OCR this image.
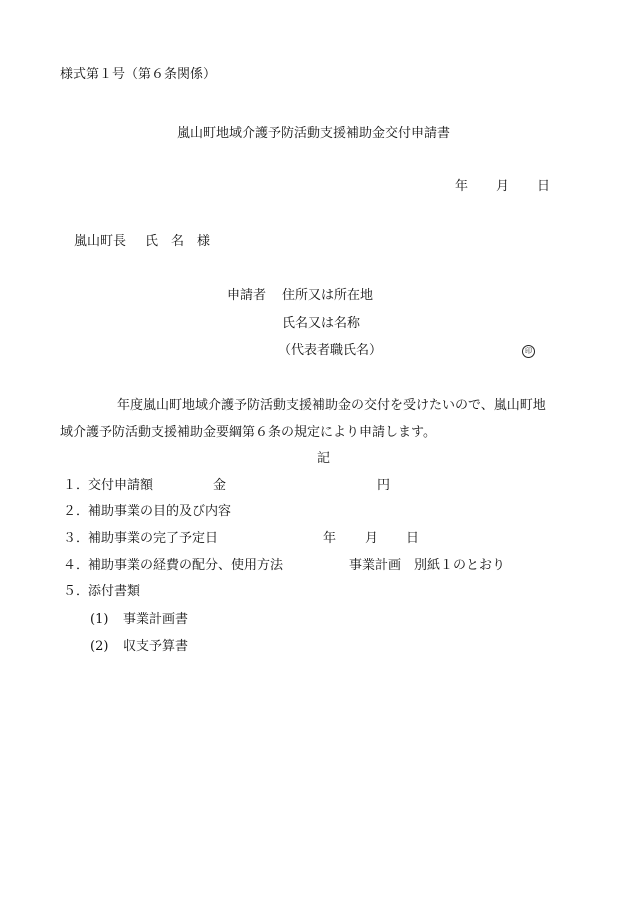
様式第１号（第６条関係）
嵐山町地域介護予防活動支援補助金交付申請書
年 月 日
嵐山町長 氏　名 様
申請者 住所又は所在地
氏名又は名称
（代表者職氏名）	印
年度嵐山町地域介護予防活動支援補助金の交付を受けたいので、嵐山町地
域介護予防活動支援補助金要綱第６条の規定により申請します。
記
１．
交付申請額	金	円
２．
補助事業の目的及び内容
３．
補助事業の完了予定日	年 月 日
４．
補助事業の経費の配分、使用方法	事業計画　別紙１のとおり
５．
添付書類
(1) 事業計画書
(2) 収支予算書
